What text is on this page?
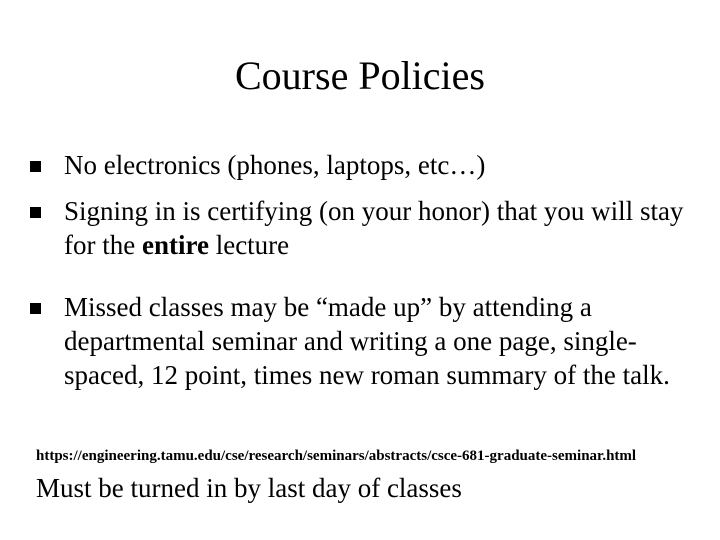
Course Policies
No electronics (phones, laptops, etc…)
Signing in is certifying (on your honor) that you will stay for the entire lecture
Missed classes may be “made up” by attending a departmental seminar and writing a one page, single-spaced, 12 point, times new roman summary of the talk.
https://engineering.tamu.edu/cse/research/seminars/abstracts/csce-681-graduate-seminar.html
Must be turned in by last day of classes
